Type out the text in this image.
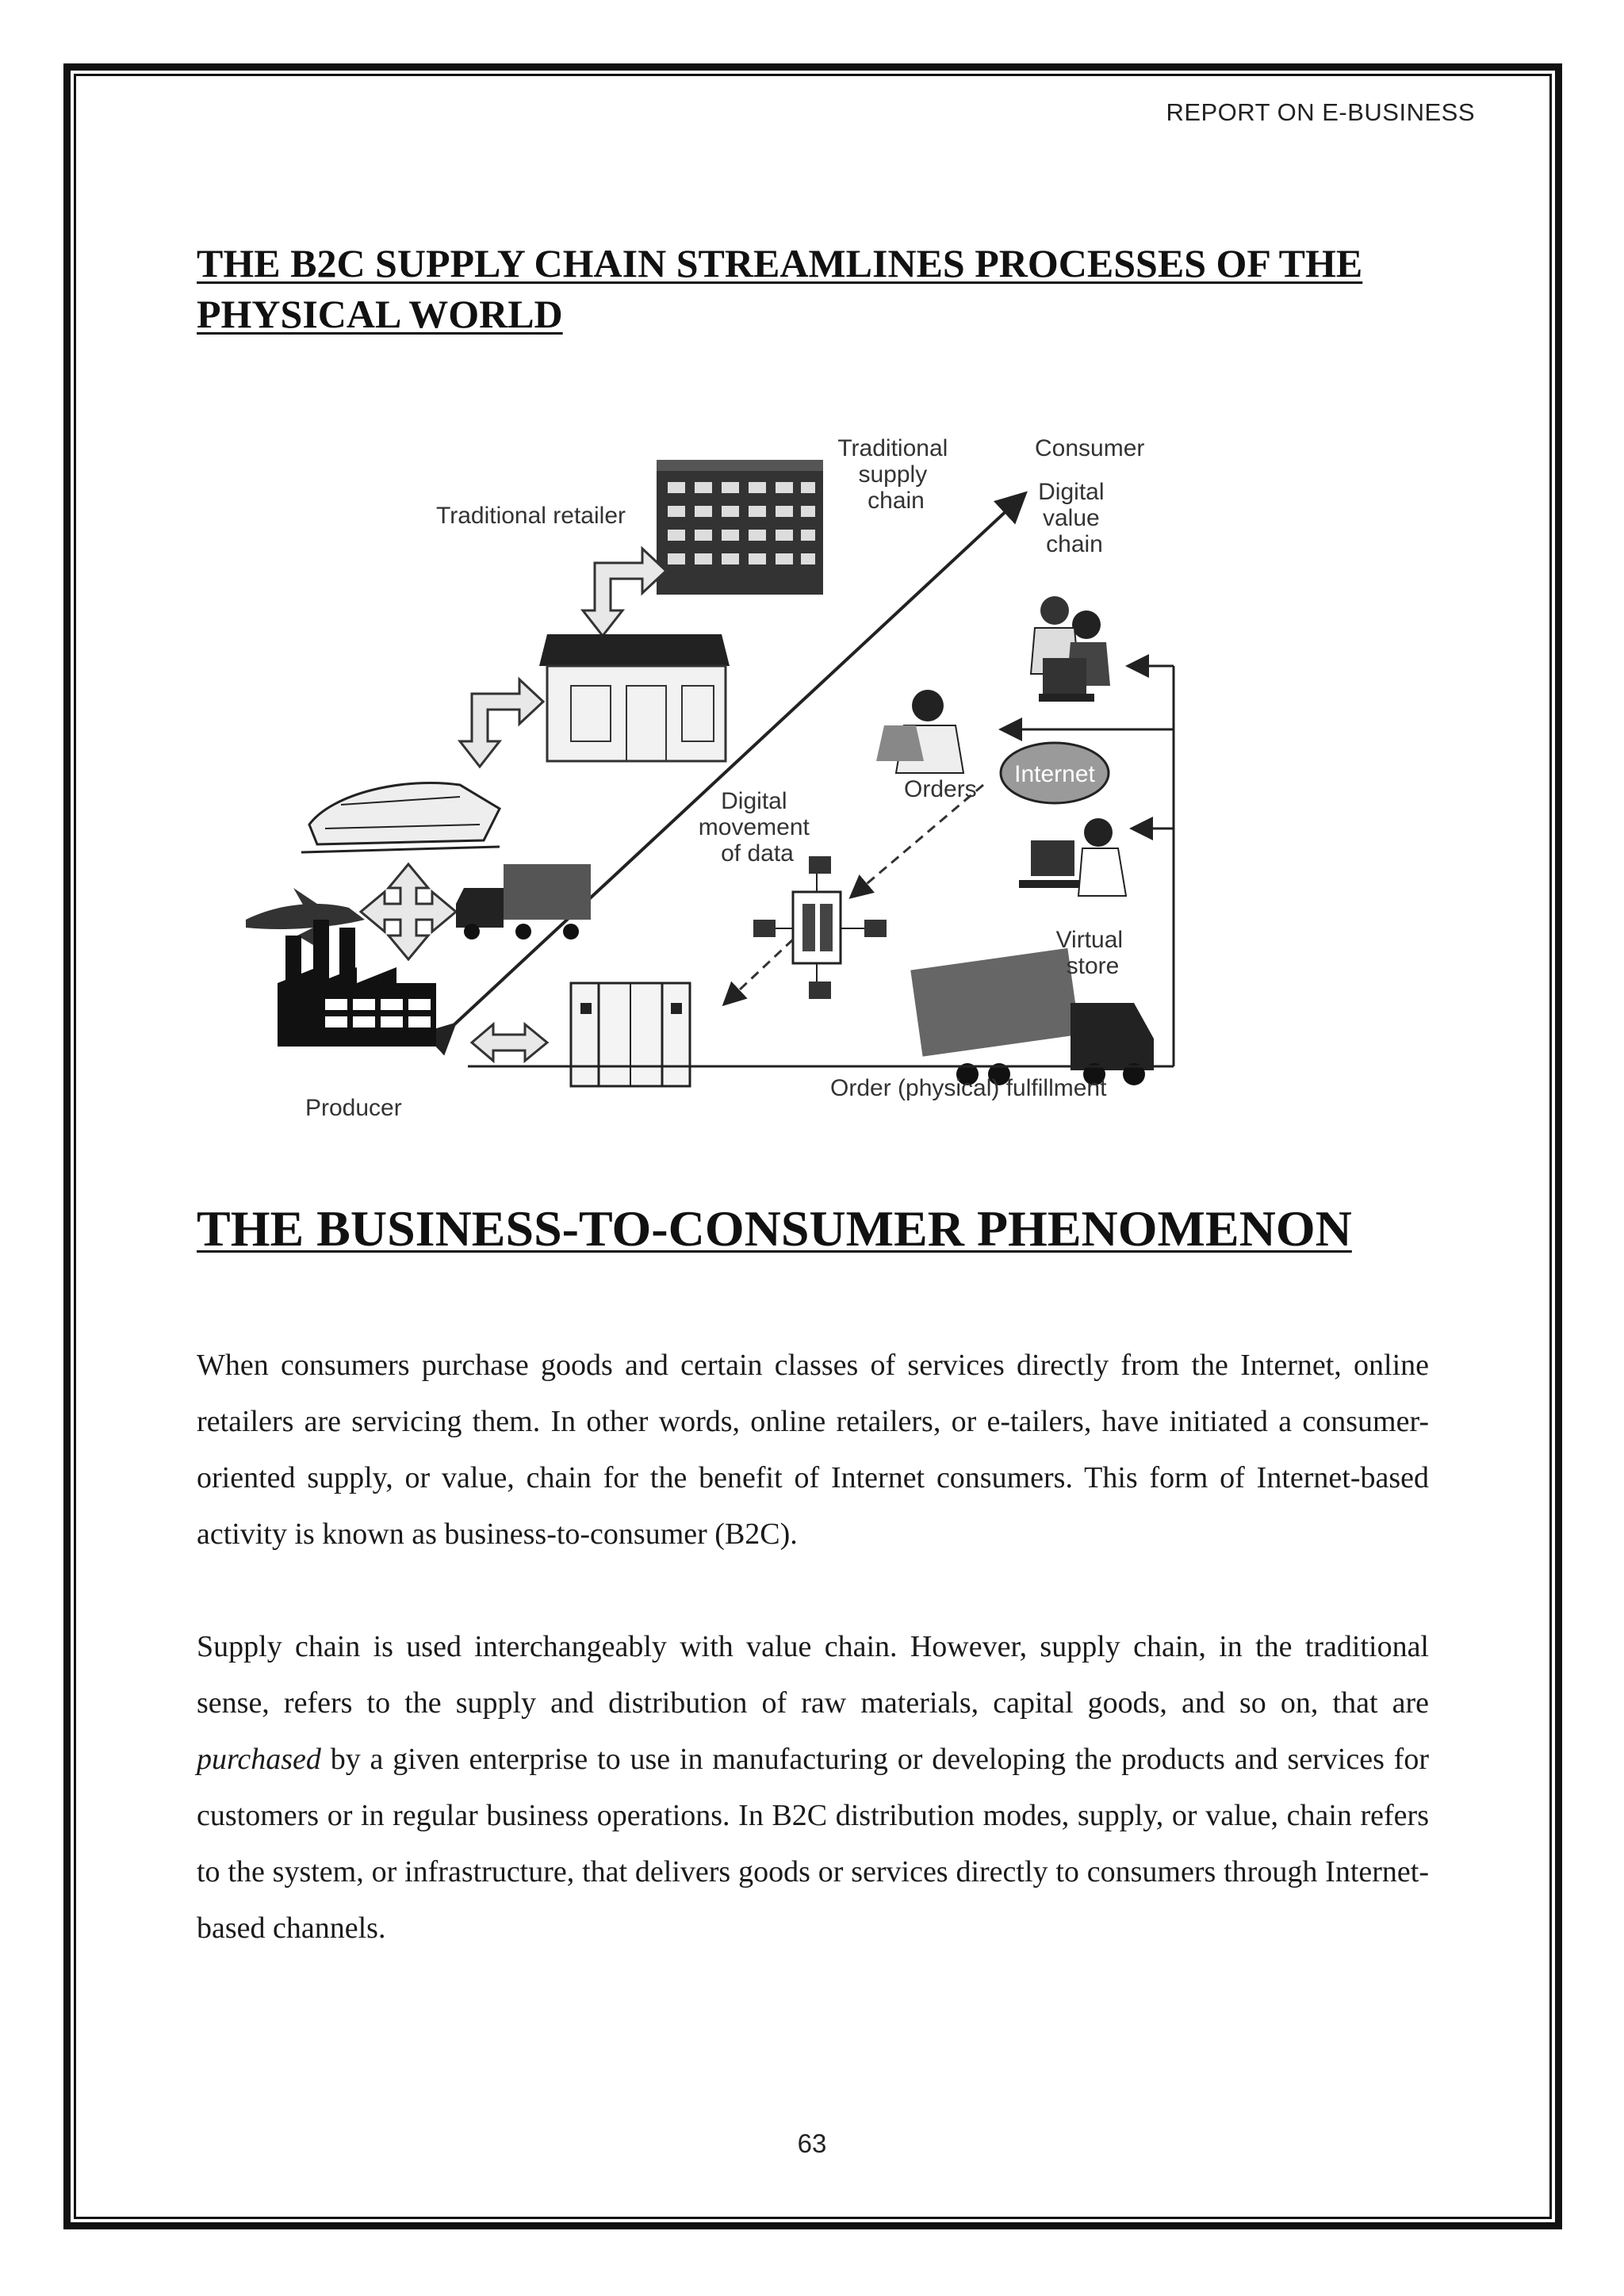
REPORT ON E-BUSINESS
THE B2C SUPPLY CHAIN STREAMLINES PROCESSES OF THE PHYSICAL WORLD
Traditional retailer
Traditional supply chain
Consumer
Digital value chain
Orders
Internet
Digital movement of data
Virtual store
Producer
Order (physical) fulfillment
THE BUSINESS-TO-CONSUMER PHENOMENON

When consumers purchase goods and certain classes of services directly from the Internet, online retailers are servicing them. In other words, online retailers, or e-tailers, have initiated a consumer-oriented supply, or value, chain for the benefit of Internet consumers. This form of Internet-based activity is known as business-to-consumer (B2C).

Supply chain is used interchangeably with value chain. However, supply chain, in the traditional sense, refers to the supply and distribution of raw materials, capital goods, and so on, that are purchased by a given enterprise to use in manufacturing or developing the products and services for customers or in regular business operations. In B2C distribution modes, supply, or value, chain refers to the system, or infrastructure, that delivers goods or services directly to consumers through Internet-based channels.

63
